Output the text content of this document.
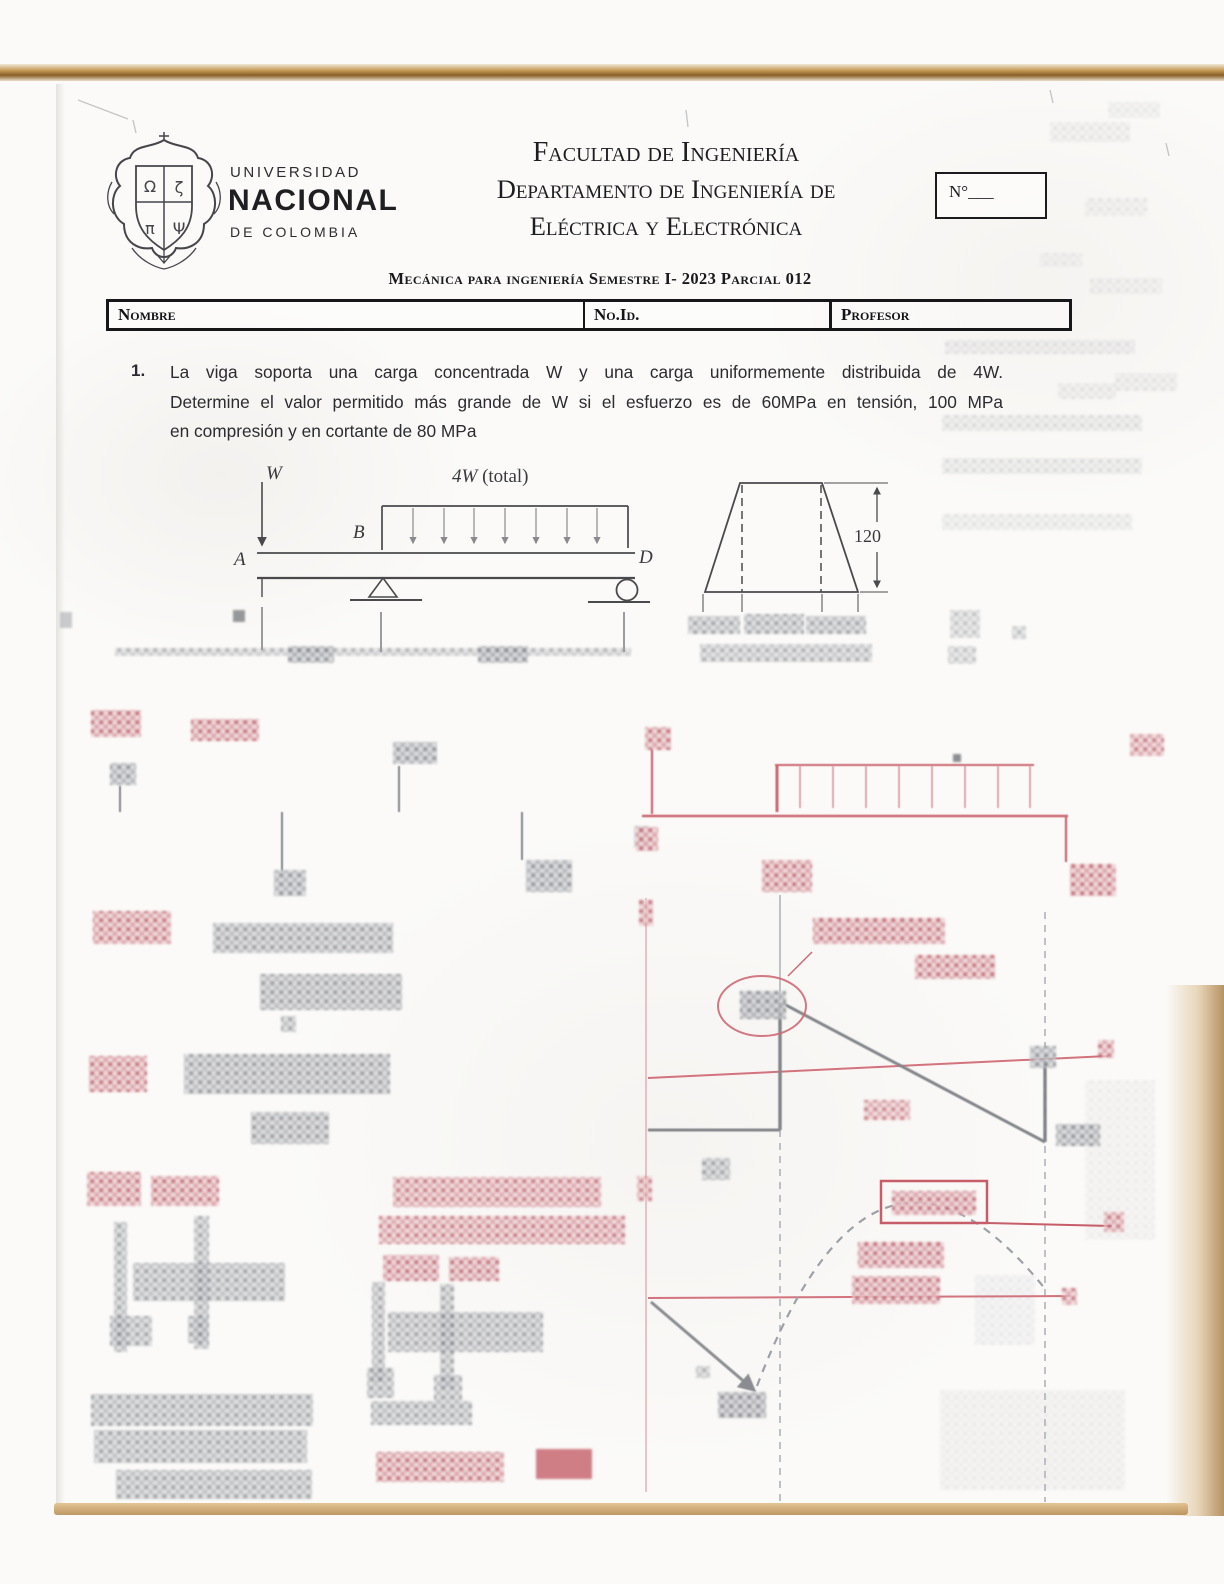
Ω ζ
π Ψ
UNIVERSIDAD
NACIONAL
DE COLOMBIA
Facultad de Ingeniería
Departamento de Ingeniería de
Eléctrica y Electrónica
N°___
Mecánica para ingeniería Semestre I- 2023 Parcial 012
Nombre	No.Id.	Profesor
1. La viga soporta una carga concentrada W y una carga uniformemente distribuida de 4W.
Determine el valor permitido más grande de W si el esfuerzo es de 60MPa en tensión, 100 MPa
en compresión y en cortante de 80 MPa
W	4W (total)
A
B
D
120
